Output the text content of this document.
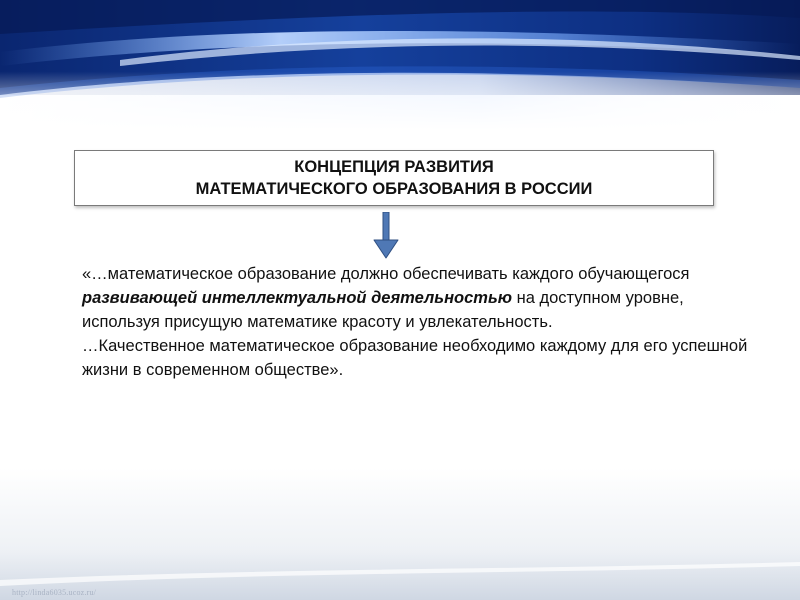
КОНЦЕПЦИЯ РАЗВИТИЯ
МАТЕМАТИЧЕСКОГО ОБРАЗОВАНИЯ В РОССИИ

«…математическое образование должно обеспечивать каждого обучающегося развивающей интеллектуальной деятельностью на доступном уровне, используя присущую математике красоту и увлекательность.

…Качественное математическое образование необходимо каждому для его успешной жизни в современном обществе».

http://linda6035.ucoz.ru/
